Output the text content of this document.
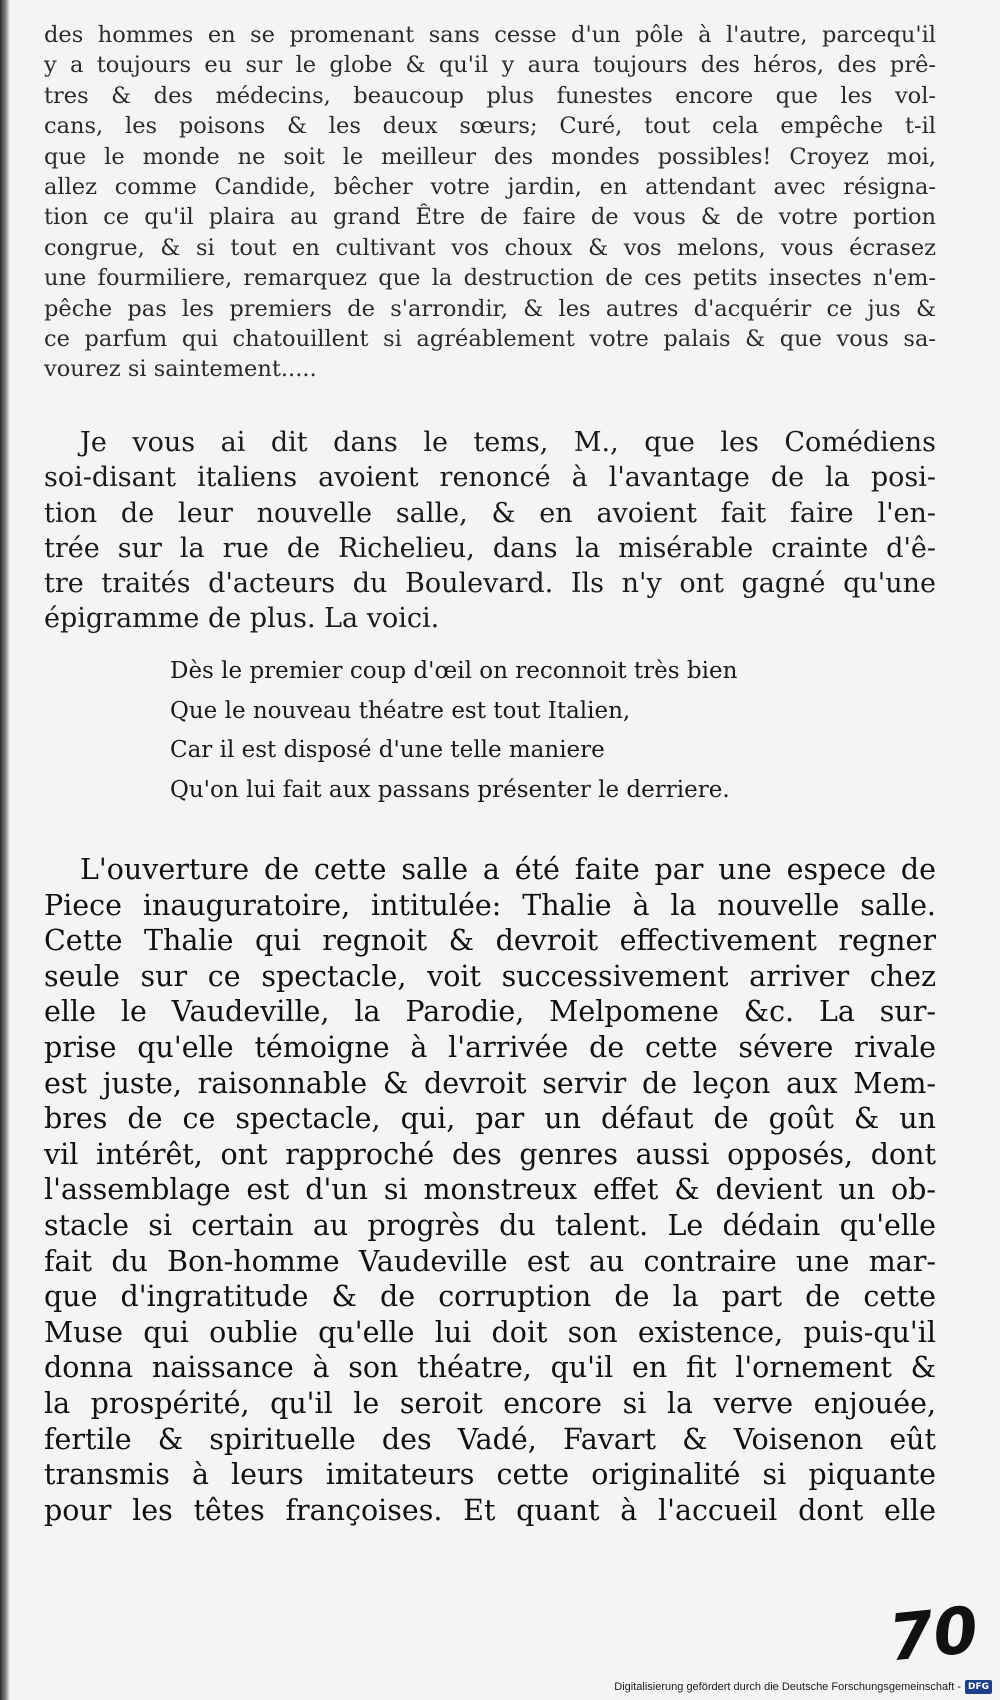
des hommes en se promenant sans cesse d'un pôle à l'autre, parcequ'il
y a toujours eu sur le globe & qu'il y aura toujours des héros, des prê-
tres & des médecins, beaucoup plus funestes encore que les vol-
cans, les poisons & les deux sœurs; Curé, tout cela empêche t-il
que le monde ne soit le meilleur des mondes possibles! Croyez moi,
allez comme Candide, bêcher votre jardin, en attendant avec résigna-
tion ce qu'il plaira au grand Être de faire de vous & de votre portion
congrue, & si tout en cultivant vos choux & vos melons, vous écrasez
une fourmiliere, remarquez que la destruction de ces petits insectes n'em-
pêche pas les premiers de s'arrondir, & les autres d'acquérir ce jus &
ce parfum qui chatouillent si agréablement votre palais & que vous sa-
vourez si saintement.....
Je vous ai dit dans le tems, M., que les Comédiens
soi-disant italiens avoient renoncé à l'avantage de la posi-
tion de leur nouvelle salle, & en avoient fait faire l'en-
trée sur la rue de Richelieu, dans la misérable crainte d'ê-
tre traités d'acteurs du Boulevard. Ils n'y ont gagné qu'une
épigramme de plus. La voici.
Dès le premier coup d'œil on reconnoit très bien
Que le nouveau théatre est tout Italien,
Car il est disposé d'une telle maniere
Qu'on lui fait aux passans présenter le derriere.
L'ouverture de cette salle a été faite par une espece de
Piece inauguratoire, intitulée: Thalie à la nouvelle salle.
Cette Thalie qui regnoit & devroit effectivement regner
seule sur ce spectacle, voit successivement arriver chez
elle le Vaudeville, la Parodie, Melpomene &c. La sur-
prise qu'elle témoigne à l'arrivée de cette sévere rivale
est juste, raisonnable & devroit servir de leçon aux Mem-
bres de ce spectacle, qui, par un défaut de goût & un
vil intérêt, ont rapproché des genres aussi opposés, dont
l'assemblage est d'un si monstreux effet & devient un ob-
stacle si certain au progrès du talent. Le dédain qu'elle
fait du Bon-homme Vaudeville est au contraire une mar-
que d'ingratitude & de corruption de la part de cette
Muse qui oublie qu'elle lui doit son existence, puis-qu'il
donna naissance à son théatre, qu'il en fit l'ornement &
la prospérité, qu'il le seroit encore si la verve enjouée,
fertile & spirituelle des Vadé, Favart & Voisenon eût
transmis à leurs imitateurs cette originalité si piquante
pour les têtes françoises. Et quant à l'accueil dont elle
70
Digitalisierung gefördert durch die Deutsche Forschungsgemeinschaft - DFG
